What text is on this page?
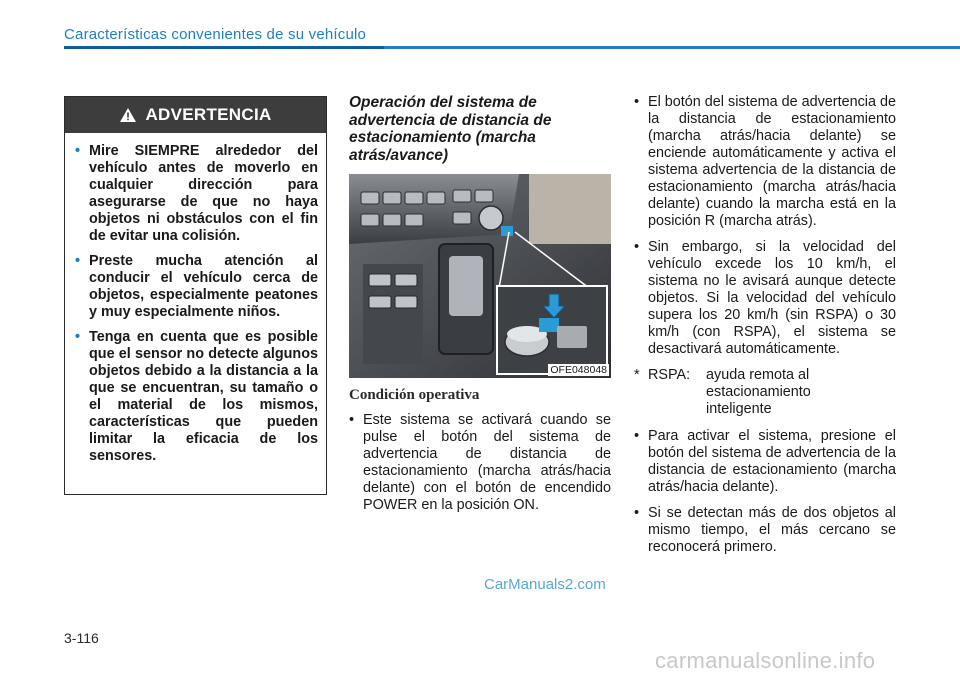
Características convenientes de su vehículo
ADVERTENCIA
• Mire SIEMPRE alrededor del vehículo antes de moverlo en cualquier dirección para asegurarse de que no haya objetos ni obstáculos con el fin de evitar una colisión.
• Preste mucha atención al conducir el vehículo cerca de objetos, especialmente peatones y muy especialmente niños.
• Tenga en cuenta que es posible que el sensor no detecte algunos objetos debido a la distancia a la que se encuentran, su tamaño o el material de los mismos, características que pueden limitar la eficacia de los sensores.
Operación del sistema de advertencia de distancia de estacionamiento (marcha atrás/avance)
OFE048048
Condición operativa
• Este sistema se activará cuando se pulse el botón del sistema de advertencia de distancia de estacionamiento (marcha atrás/hacia delante) con el botón de encendido POWER en la posición ON.
• El botón del sistema de advertencia de la distancia de estacionamiento (marcha atrás/hacia delante) se enciende automáticamente y activa el sistema advertencia de la distancia de estacionamiento (marcha atrás/hacia delante) cuando la marcha está en la posición R (marcha atrás).
• Sin embargo, si la velocidad del vehículo excede los 10 km/h, el sistema no le avisará aunque detecte objetos. Si la velocidad del vehículo supera los 20 km/h (sin RSPA) o 30 km/h (con RSPA), el sistema se desactivará automáticamente.
* RSPA:	ayuda remota al
estacionamiento
inteligente
• Para activar el sistema, presione el botón del sistema de advertencia de la distancia de estacionamiento (marcha atrás/hacia delante).
• Si se detectan más de dos objetos al mismo tiempo, el más cercano se reconocerá primero.
CarManuals2.com
3-116
carmanualsonline.info
